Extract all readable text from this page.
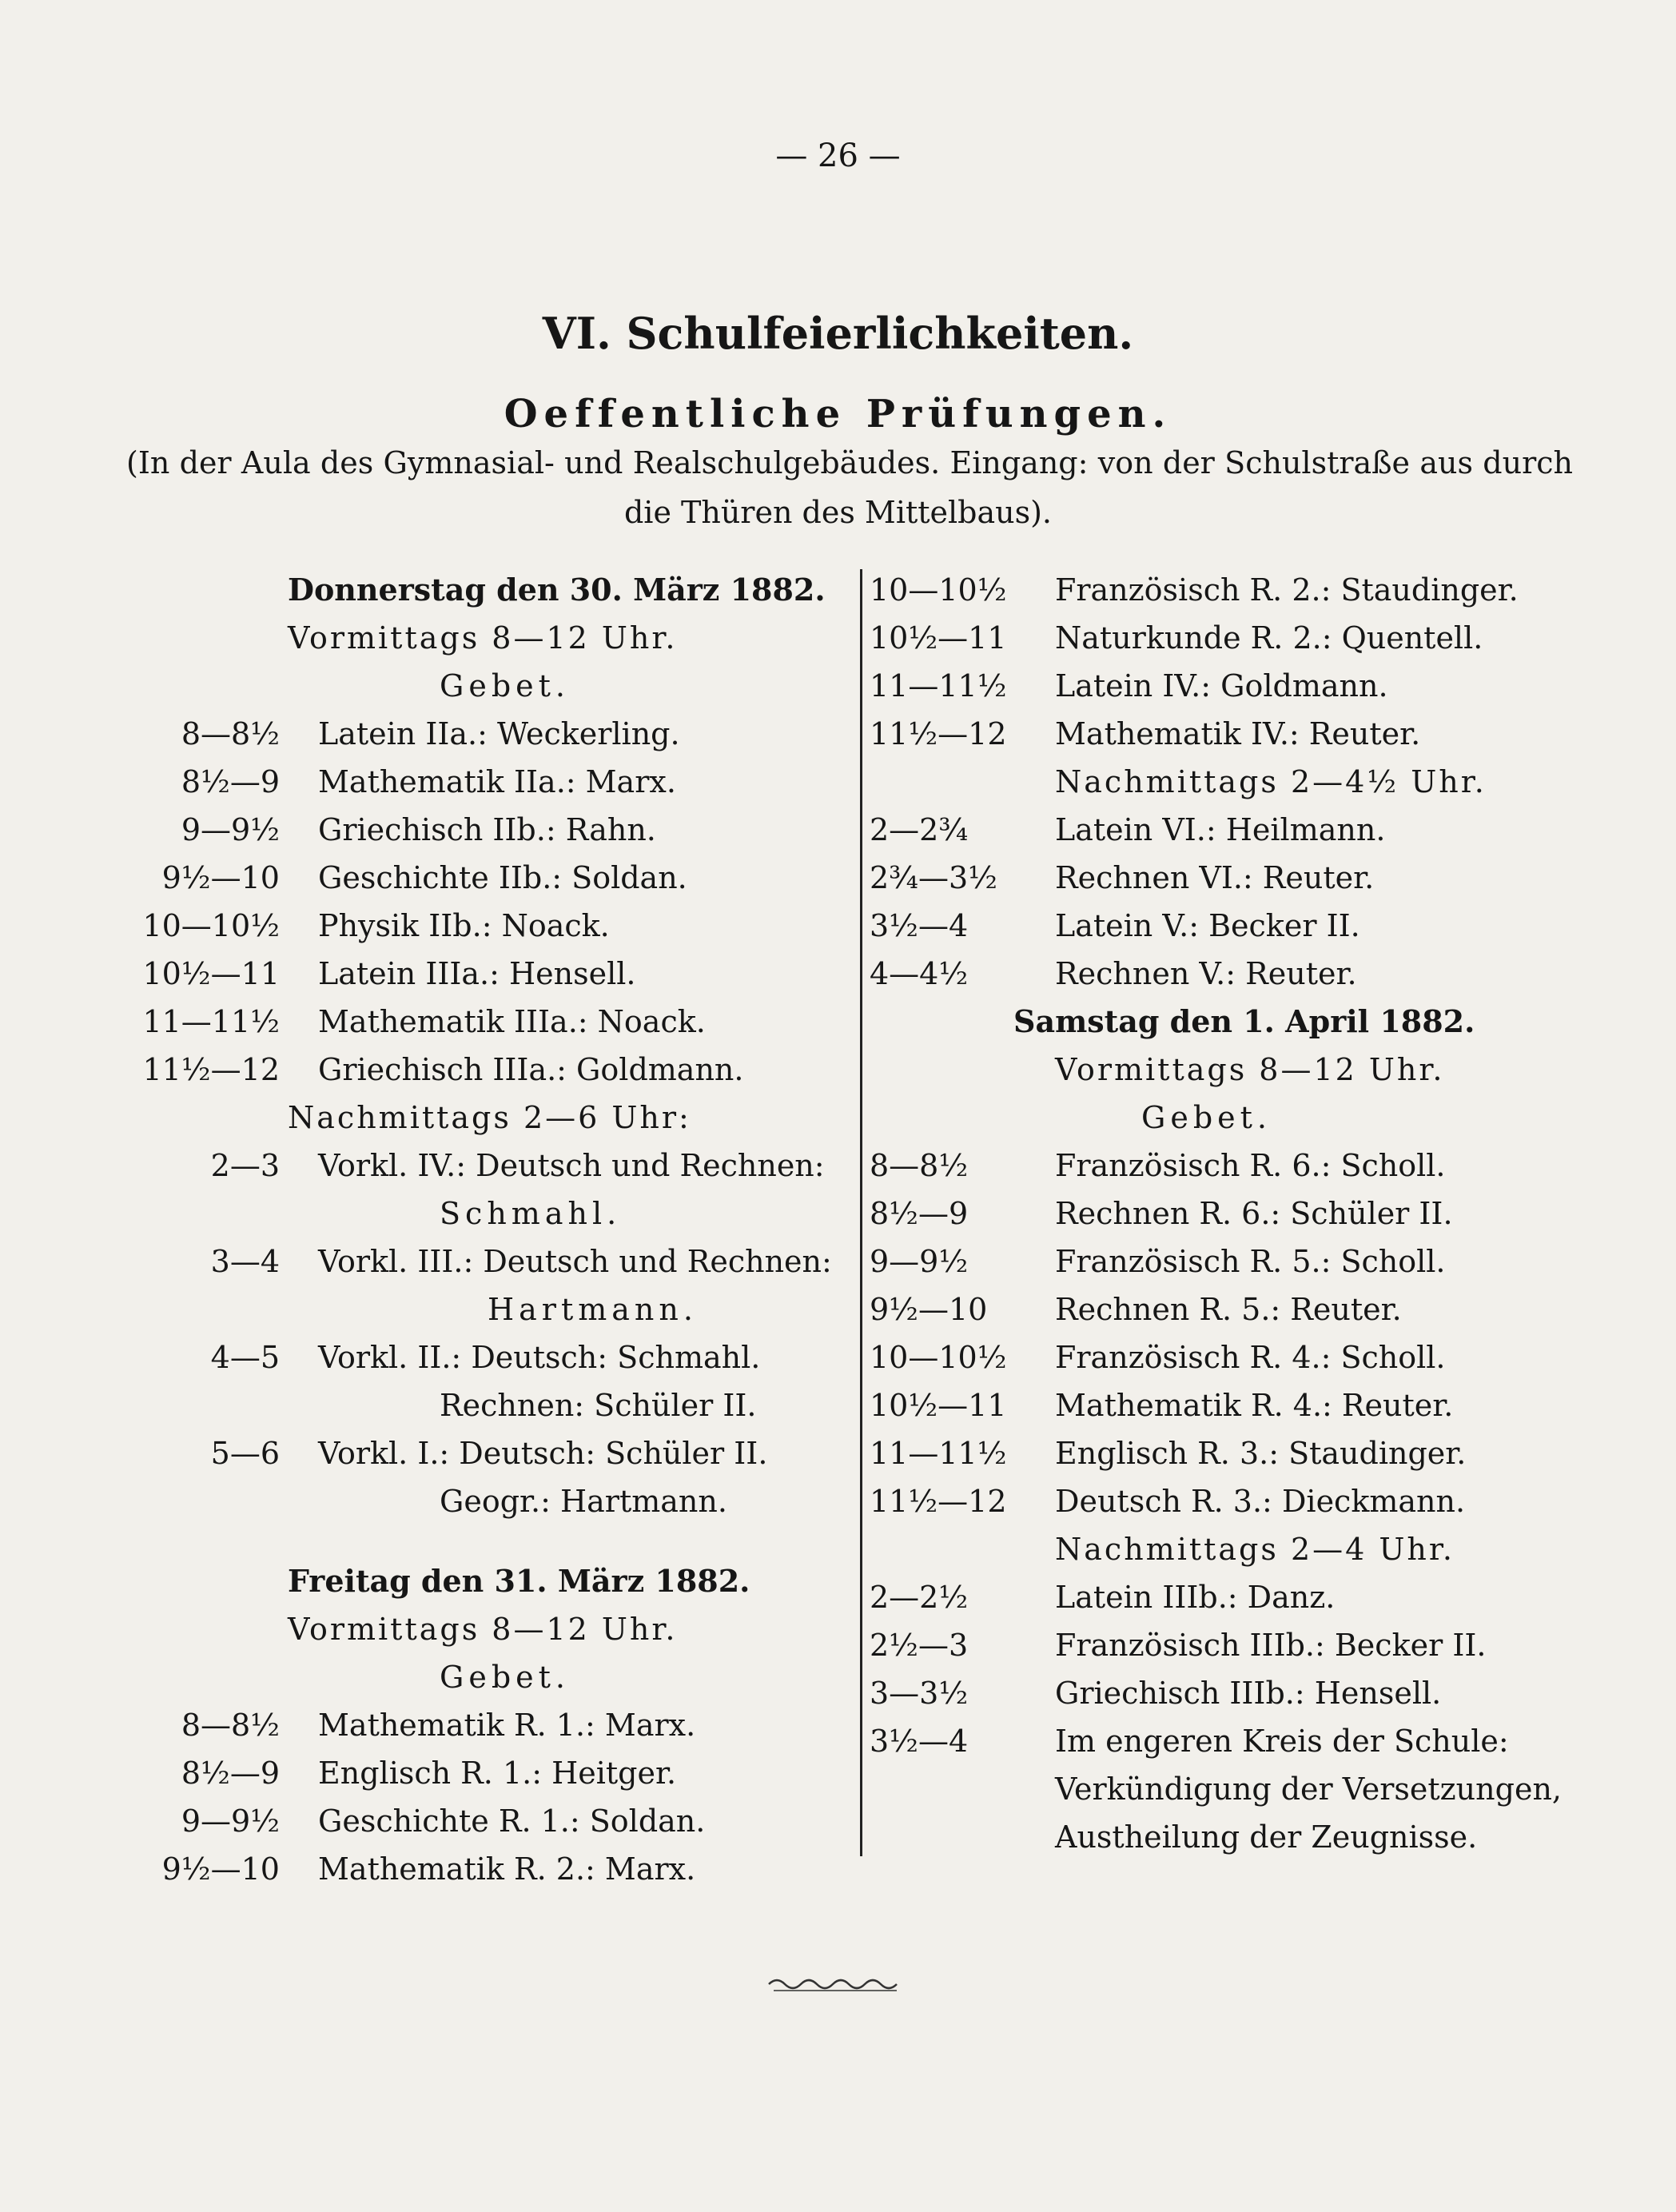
— 26 —
VI. Schulfeierlichkeiten.
Oeffentliche Prüfungen.
(In der Aula des Gymnasial- und Realschulgebäudes. Eingang: von der Schulstraße aus durch
die Thüren des Mittelbaus).
Donnerstag den 30. März 1882.
Vormittags 8—12 Uhr.
Gebet.
8—8½ Latein IIa.: Weckerling.
8½—9 Mathematik IIa.: Marx.
9—9½ Griechisch IIb.: Rahn.
9½—10 Geschichte IIb.: Soldan.
10—10½ Physik IIb.: Noack.
10½—11 Latein IIIa.: Hensell.
11—11½ Mathematik IIIa.: Noack.
11½—12 Griechisch IIIa.: Goldmann.
Nachmittags 2—6 Uhr:
2—3 Vorkl. IV.: Deutsch und Rechnen:
Schmahl.
3—4 Vorkl. III.: Deutsch und Rechnen:
Hartmann.
4—5 Vorkl. II.: Deutsch: Schmahl.
Rechnen: Schüler II.
5—6 Vorkl. I.: Deutsch: Schüler II.
Geogr.: Hartmann.
Freitag den 31. März 1882.
Vormittags 8—12 Uhr.
Gebet.
8—8½ Mathematik R. 1.: Marx.
8½—9 Englisch R. 1.: Heitger.
9—9½ Geschichte R. 1.: Soldan.
9½—10 Mathematik R. 2.: Marx.
10—10½ Französisch R. 2.: Staudinger.
10½—11 Naturkunde R. 2.: Quentell.
11—11½ Latein IV.: Goldmann.
11½—12 Mathematik IV.: Reuter.
Nachmittags 2—4½ Uhr.
2—2¾	Latein VI.: Heilmann.
2¾—3½	Rechnen VI.: Reuter.
3½—4	Latein V.: Becker II.
4—4½	Rechnen V.: Reuter.
Samstag den 1. April 1882.
Vormittags 8—12 Uhr.
Gebet.
8—8½	Französisch R. 6.: Scholl.
8½—9	Rechnen R. 6.: Schüler II.
9—9½	Französisch R. 5.: Scholl.
9½—10	Rechnen R. 5.: Reuter.
10—10½ Französisch R. 4.: Scholl.
10½—11 Mathematik R. 4.: Reuter.
11—11½ Englisch R. 3.: Staudinger.
11½—12 Deutsch R. 3.: Dieckmann.
Nachmittags 2—4 Uhr.
2—2½	Latein IIIb.: Danz.
2½—3	Französisch IIIb.: Becker II.
3—3½	Griechisch IIIb.: Hensell.
3½—4	Im engeren Kreis der Schule:
Verkündigung der Versetzungen,
Austheilung der Zeugnisse.
